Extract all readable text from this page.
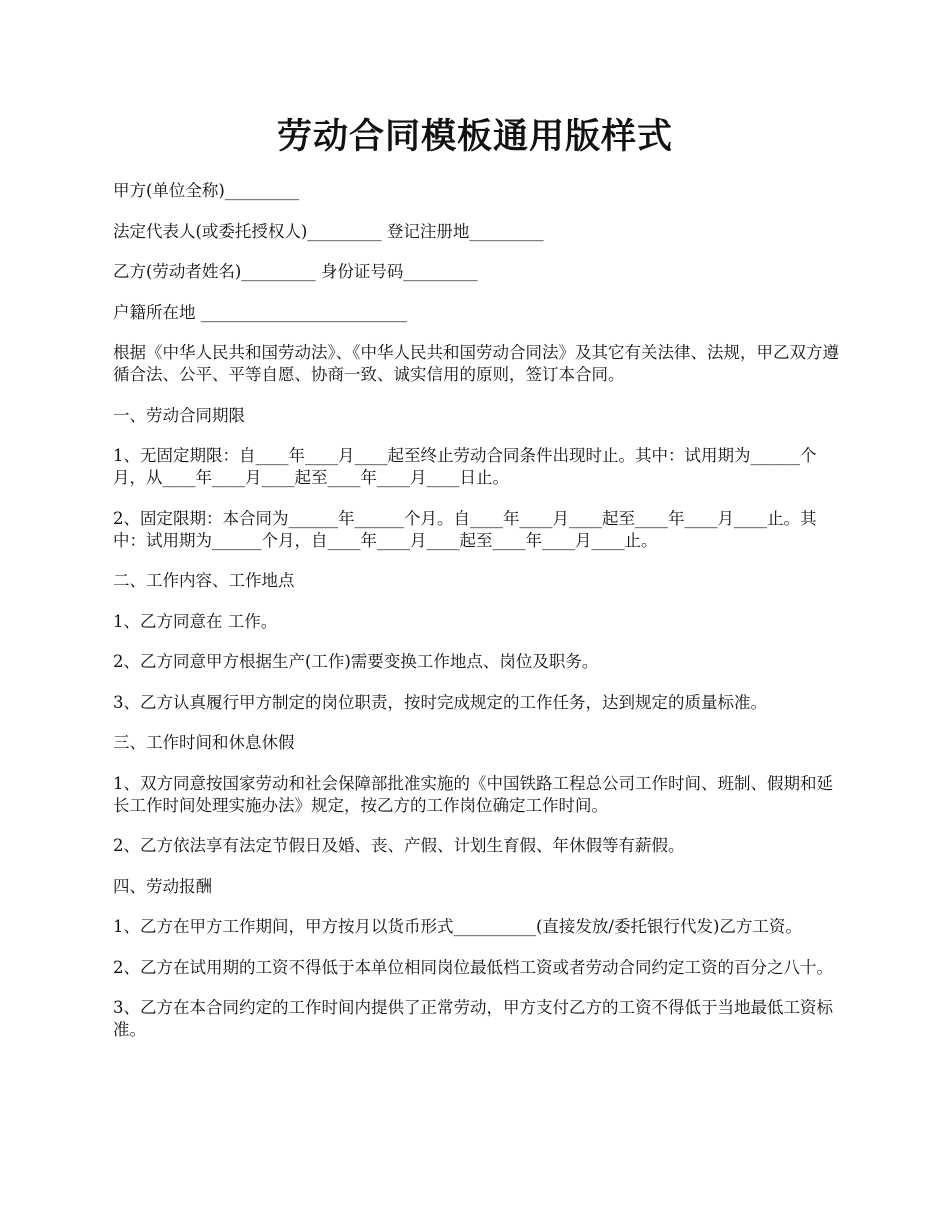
劳动合同模板通用版样式

甲方(单位全称)_________

法定代表人(或委托授权人)_________ 登记注册地_________

乙方(劳动者姓名)_________ 身份证号码_________

户籍所在地 _________________________

根据《中华人民共和国劳动法》、《中华人民共和国劳动合同法》及其它有关法律、法规，甲乙双方遵循合法、公平、平等自愿、协商一致、诚实信用的原则，签订本合同。

一、劳动合同期限

1、无固定期限：自____年____月____起至终止劳动合同条件出现时止。其中：试用期为______个月，从____年____月____起至____年____月____日止。

2、固定限期：本合同为______年______个月。自____年____月____起至____年____月____止。其中：试用期为______个月，自____年____月____起至____年____月____止。

二、工作内容、工作地点

1、乙方同意在 工作。

2、乙方同意甲方根据生产(工作)需要变换工作地点、岗位及职务。

3、乙方认真履行甲方制定的岗位职责，按时完成规定的工作任务，达到规定的质量标准。

三、工作时间和休息休假

1、双方同意按国家劳动和社会保障部批准实施的《中国铁路工程总公司工作时间、班制、假期和延长工作时间处理实施办法》规定，按乙方的工作岗位确定工作时间。

2、乙方依法享有法定节假日及婚、丧、产假、计划生育假、年休假等有薪假。

四、劳动报酬

1、乙方在甲方工作期间，甲方按月以货币形式__________(直接发放/委托银行代发)乙方工资。

2、乙方在试用期的工资不得低于本单位相同岗位最低档工资或者劳动合同约定工资的百分之八十。

3、乙方在本合同约定的工作时间内提供了正常劳动，甲方支付乙方的工资不得低于当地最低工资标准。
